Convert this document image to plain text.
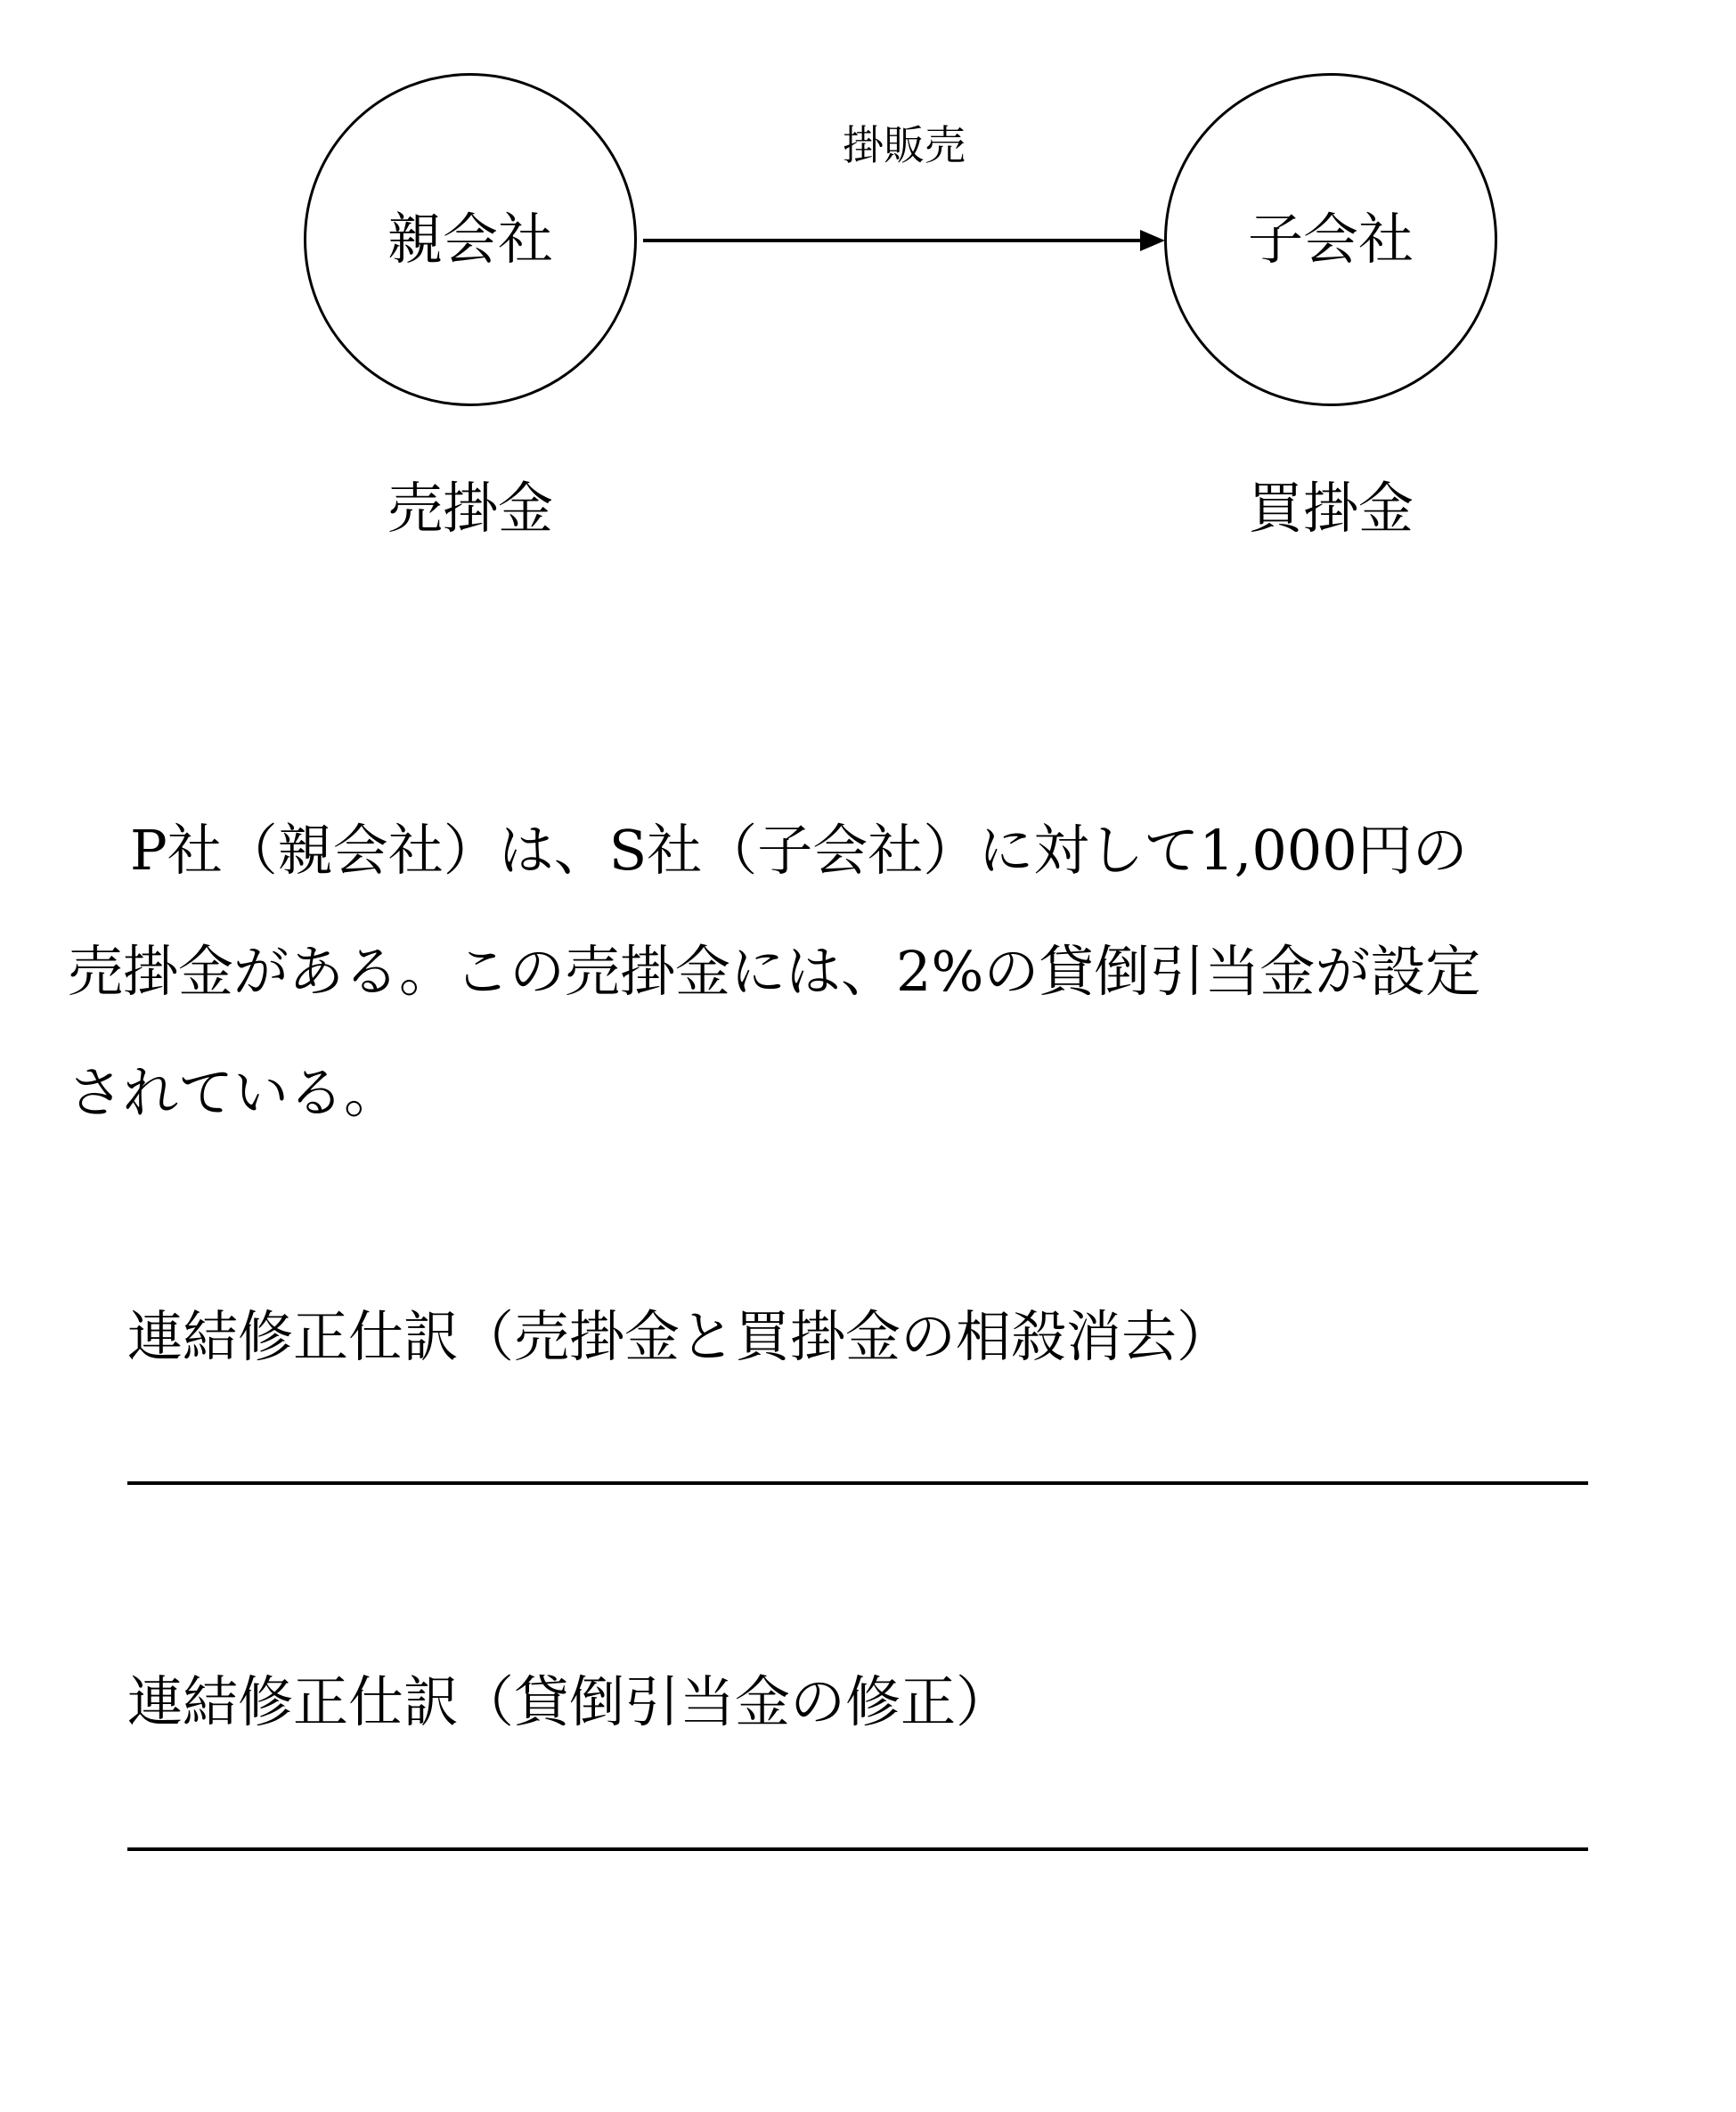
親会社	子会社
掛販売
売掛金	買掛金
P社（親会社）は、S社（子会社）に対して1,000円の
売掛金がある。この売掛金には、2%の貸倒引当金が設定
されている。
連結修正仕訳（売掛金と買掛金の相殺消去）
連結修正仕訳（貸倒引当金の修正）
